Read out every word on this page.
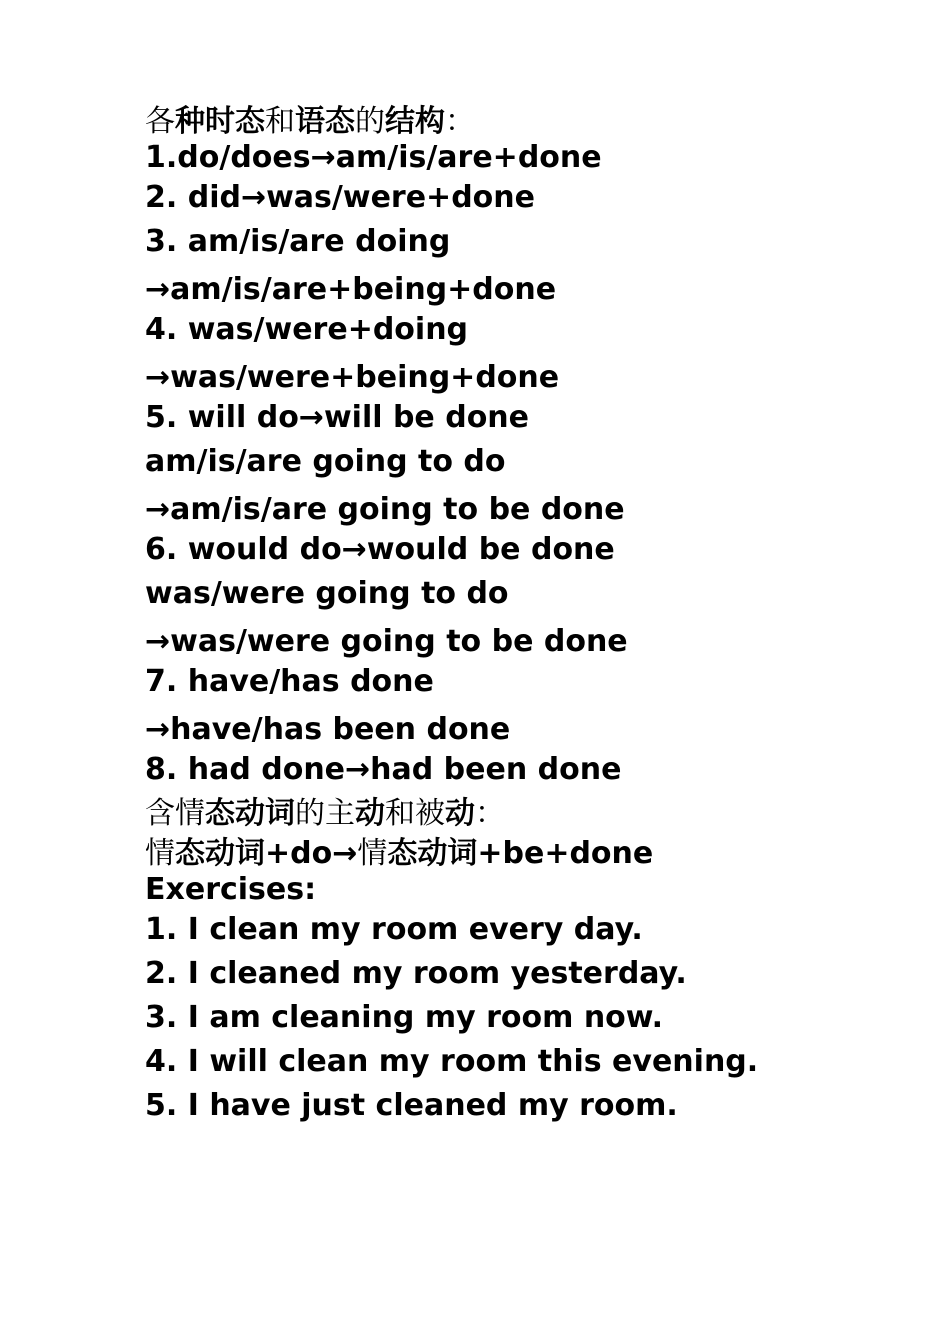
各种时态和语态的结构：
1.do/does→am/is/are+done
2. did→was/were+done
3. am/is/are doing
→am/is/are+being+done
4. was/were+doing
→was/were+being+done
5. will do→will be done
am/is/are going to do
→am/is/are going to be done
6. would do→would be done
was/were going to do
→was/were going to be done
7. have/has done
→have/has been done
8. had done→had been done
含情态动词的主动和被动：
情态动词+do→情态动词+be+done
Exercises:
1. I clean my room every day.
2. I cleaned my room yesterday.
3. I am cleaning my room now.
4. I will clean my room this evening.
5. I have just cleaned my room.
